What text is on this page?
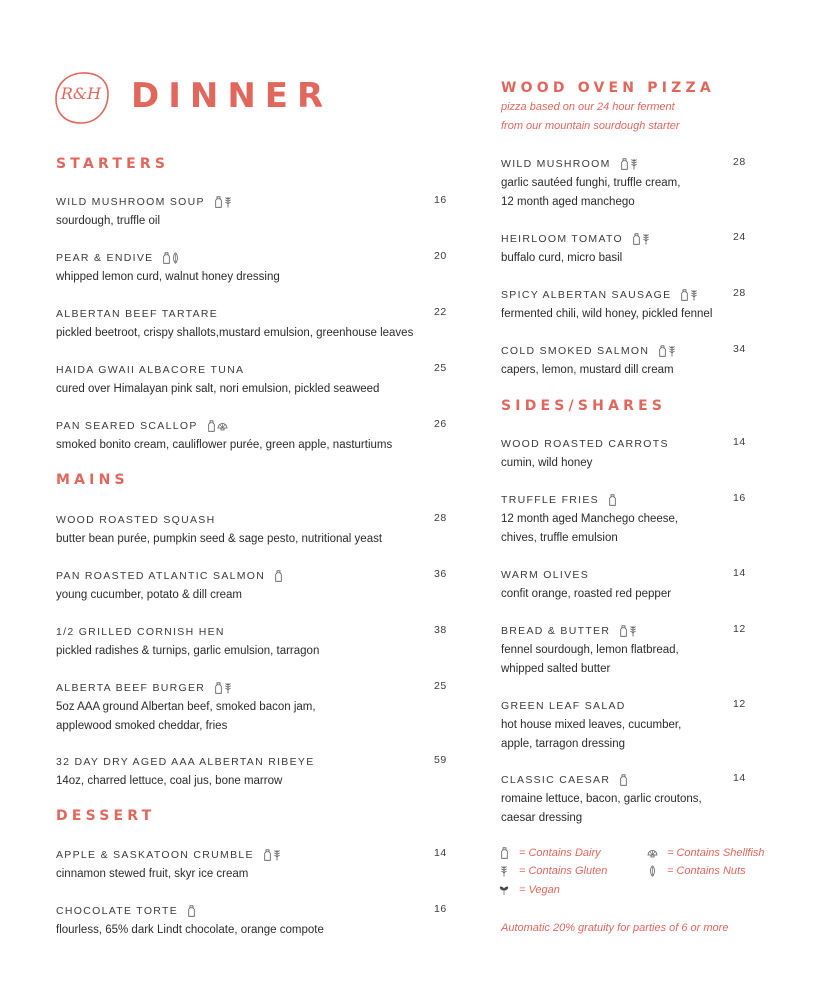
R&H DINNER
STARTERS
WILD MUSHROOM SOUP	16
sourdough, truffle oil
PEAR & ENDIVE	20
whipped lemon curd, walnut honey dressing
ALBERTAN BEEF TARTARE	22
pickled beetroot, crispy shallots,mustard emulsion, greenhouse leaves
HAIDA GWAII ALBACORE TUNA	25
cured over Himalayan pink salt, nori emulsion, pickled seaweed
PAN SEARED SCALLOP	26
smoked bonito cream, cauliflower purée, green apple, nasturtiums
MAINS
WOOD ROASTED SQUASH	28
butter bean purée, pumpkin seed & sage pesto, nutritional yeast
PAN ROASTED ATLANTIC SALMON	36
young cucumber, potato & dill cream
1/2 GRILLED CORNISH HEN	38
pickled radishes & turnips, garlic emulsion, tarragon
ALBERTA BEEF BURGER	25
5oz AAA ground Albertan beef, smoked bacon jam,
applewood smoked cheddar, fries
32 DAY DRY AGED AAA ALBERTAN RIBEYE	59
14oz, charred lettuce, coal jus, bone marrow
DESSERT
APPLE & SASKATOON CRUMBLE	14
cinnamon stewed fruit, skyr ice cream
CHOCOLATE TORTE	16
flourless, 65% dark Lindt chocolate, orange compote
WOOD OVEN PIZZA
pizza based on our 24 hour ferment
from our mountain sourdough starter
WILD MUSHROOM	28
garlic sautéed funghi, truffle cream,
12 month aged manchego
HEIRLOOM TOMATO	24
buffalo curd, micro basil
SPICY ALBERTAN SAUSAGE	28
fermented chili, wild honey, pickled fennel
COLD SMOKED SALMON	34
capers, lemon, mustard dill cream
SIDES/SHARES
WOOD ROASTED CARROTS	14
cumin, wild honey
TRUFFLE FRIES	16
12 month aged Manchego cheese,
chives, truffle emulsion
WARM OLIVES	14
confit orange, roasted red pepper
BREAD & BUTTER	12
fennel sourdough, lemon flatbread,
whipped salted butter
GREEN LEAF SALAD	12
hot house mixed leaves, cucumber,
apple, tarragon dressing
CLASSIC CAESAR	14
romaine lettuce, bacon, garlic croutons,
caesar dressing
= Contains Dairy
= Contains Gluten
= Vegan
= Contains Shellfish
= Contains Nuts

Automatic 20% gratuity for parties of 6 or more
